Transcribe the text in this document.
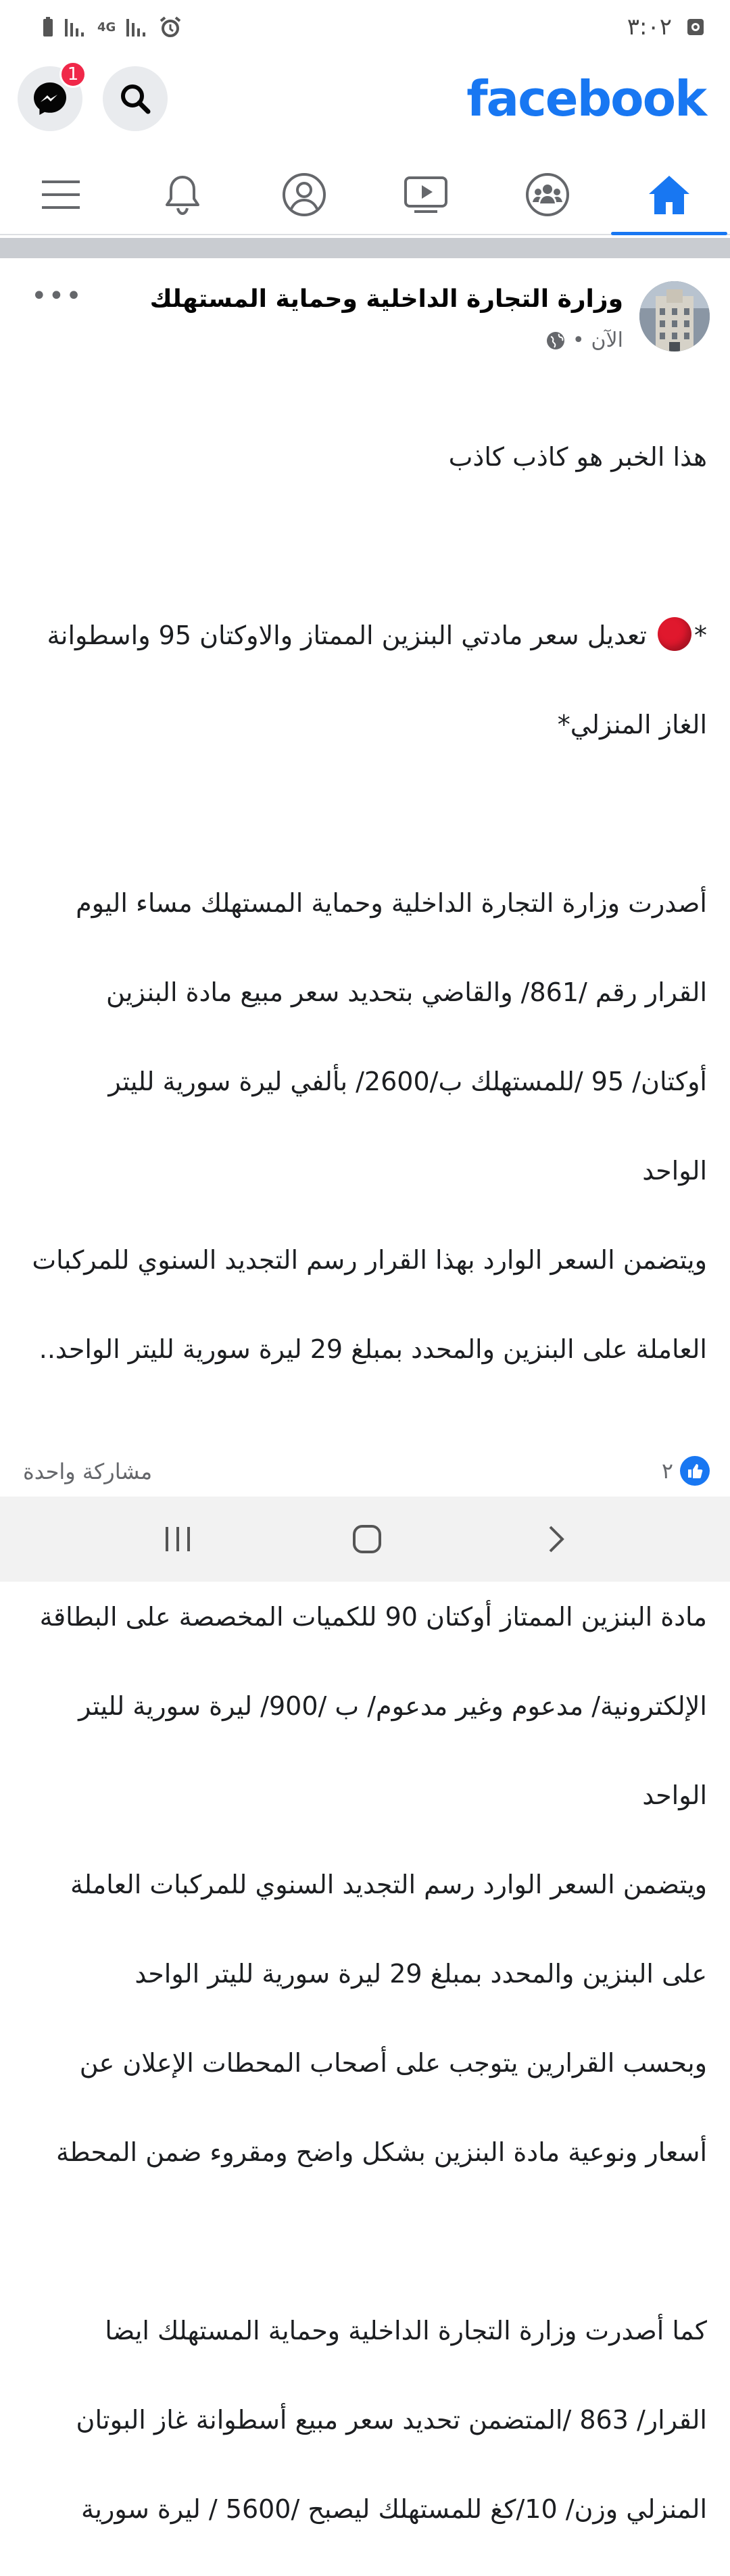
4G	٣:٠٢
1	facebook
وزارة التجارة الداخلية وحماية المستهلك
الآن
•
•••

هذا الخبر هو كاذب كاذب

* تعديل سعر مادتي البنزين الممتاز والاوكتان 95 واسطوانة

الغاز المنزلي*

أصدرت وزارة التجارة الداخلية وحماية المستهلك مساء اليوم

القرار رقم /861/ والقاضي بتحديد سعر مبيع مادة البنزين

أوكتان/ 95 /للمستهلك ب/2600/ بألفي ليرة سورية لليتر

الواحد

ويتضمن السعر الوارد بهذا القرار رسم التجديد السنوي للمركبات

العاملة على البنزين والمحدد بمبلغ 29 ليرة سورية لليتر الواحد..

مادة البنزين الممتاز أوكتان 90 للكميات المخصصة على البطاقة

الإلكترونية/ مدعوم وغير مدعوم/ ب /900/ ليرة سورية لليتر

الواحد

ويتضمن السعر الوارد رسم التجديد السنوي للمركبات العاملة

على البنزين والمحدد بمبلغ 29 ليرة سورية لليتر الواحد

وبحسب القرارين يتوجب على أصحاب المحطات الإعلان عن

أسعار ونوعية مادة البنزين بشكل واضح ومقروء ضمن المحطة

كما أصدرت وزارة التجارة الداخلية وحماية المستهلك ايضا

القرار/ 863 /المتضمن تحديد سعر مبيع أسطوانة غاز البوتان

المنزلي وزن/ 10/كغ للمستهلك ليصبح /5600 / ليرة سورية

مشاركة واحدة	٢
